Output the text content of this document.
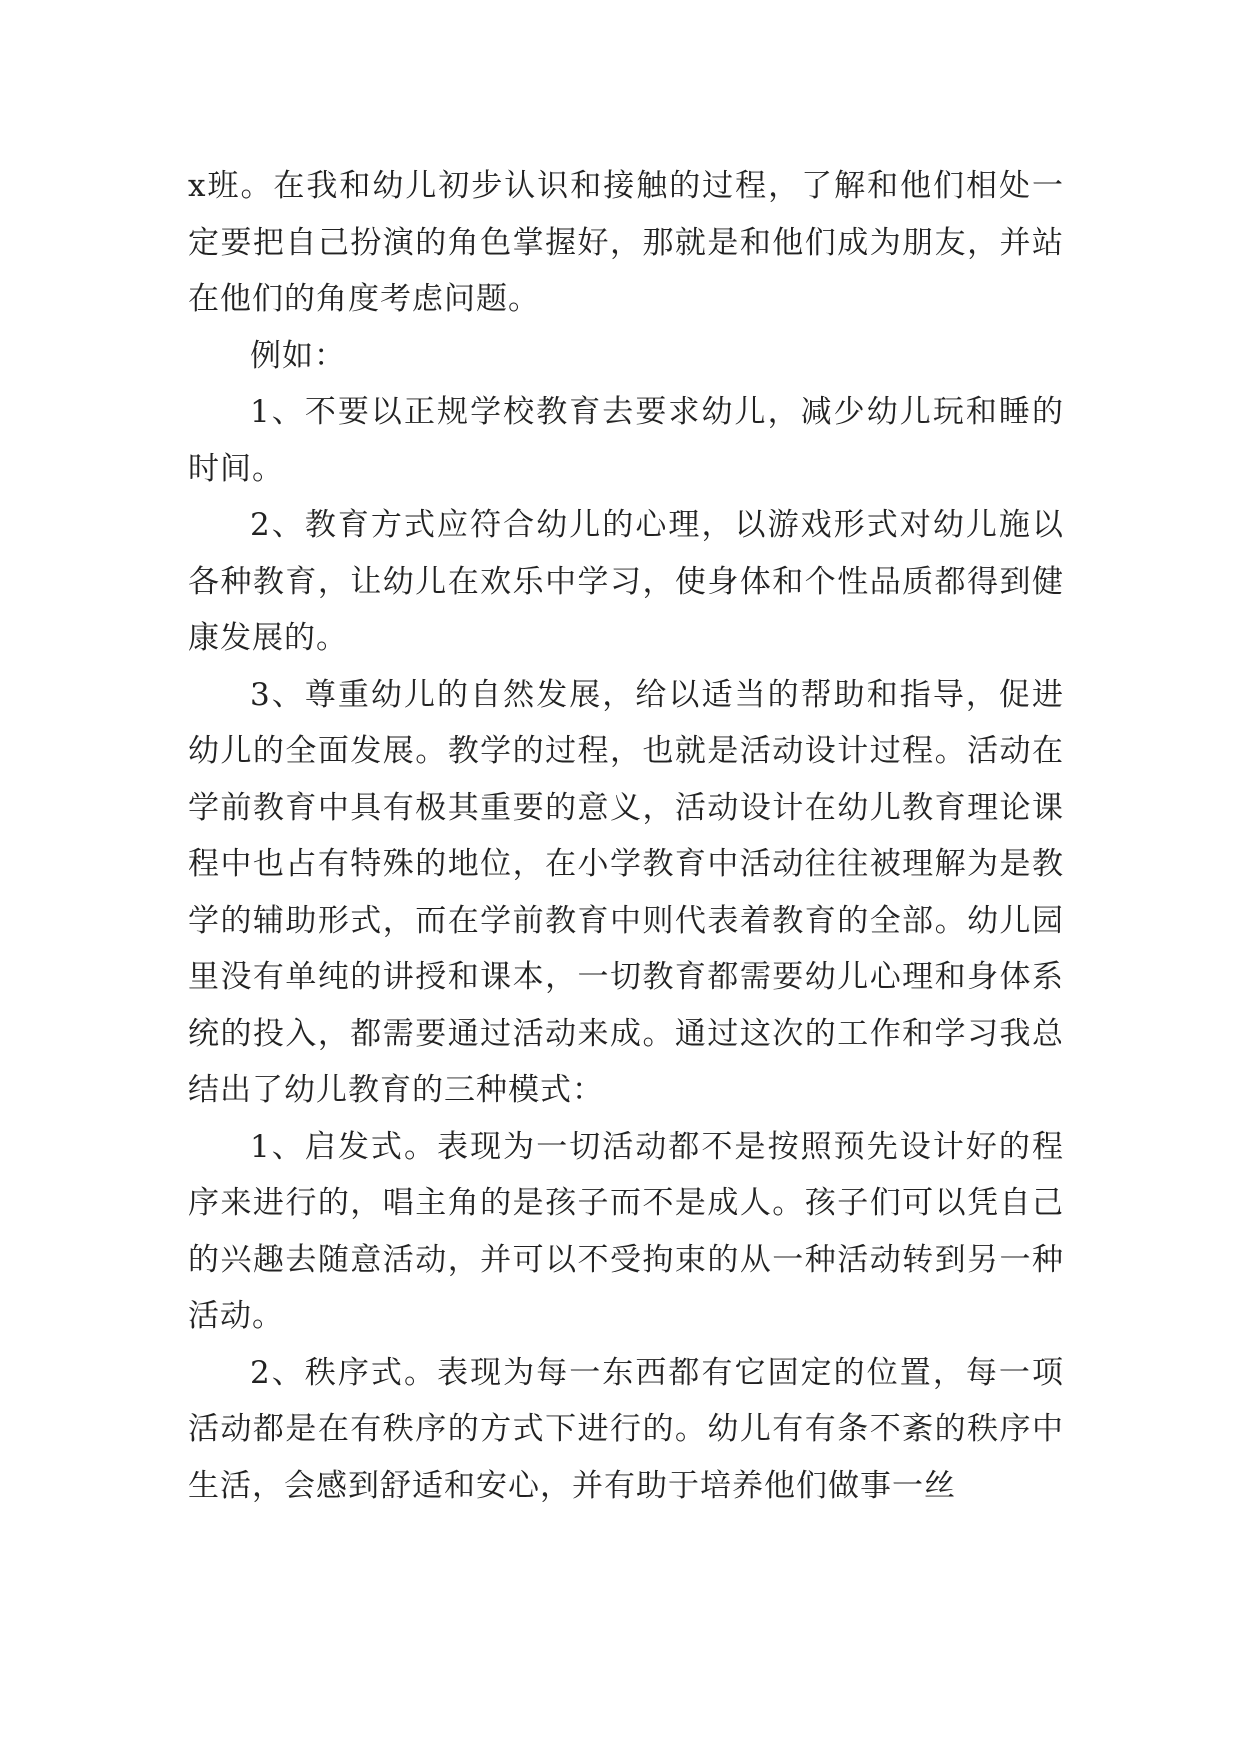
x班。在我和幼儿初步认识和接触的过程，了解和他们相处一定要把自己扮演的角色掌握好，那就是和他们成为朋友，并站在他们的角度考虑问题。

例如：

1、不要以正规学校教育去要求幼儿，减少幼儿玩和睡的时间。

2、教育方式应符合幼儿的心理，以游戏形式对幼儿施以各种教育，让幼儿在欢乐中学习，使身体和个性品质都得到健康发展的。

3、尊重幼儿的自然发展，给以适当的帮助和指导，促进幼儿的全面发展。教学的过程，也就是活动设计过程。活动在学前教育中具有极其重要的意义，活动设计在幼儿教育理论课程中也占有特殊的地位，在小学教育中活动往往被理解为是教学的辅助形式，而在学前教育中则代表着教育的全部。幼儿园里没有单纯的讲授和课本，一切教育都需要幼儿心理和身体系统的投入，都需要通过活动来成。通过这次的工作和学习我总结出了幼儿教育的三种模式：

1、启发式。表现为一切活动都不是按照预先设计好的程序来进行的，唱主角的是孩子而不是成人。孩子们可以凭自己的兴趣去随意活动，并可以不受拘束的从一种活动转到另一种活动。

2、秩序式。表现为每一东西都有它固定的位置，每一项活动都是在有秩序的方式下进行的。幼儿有有条不紊的秩序中生活，会感到舒适和安心，并有助于培养他们做事一丝
